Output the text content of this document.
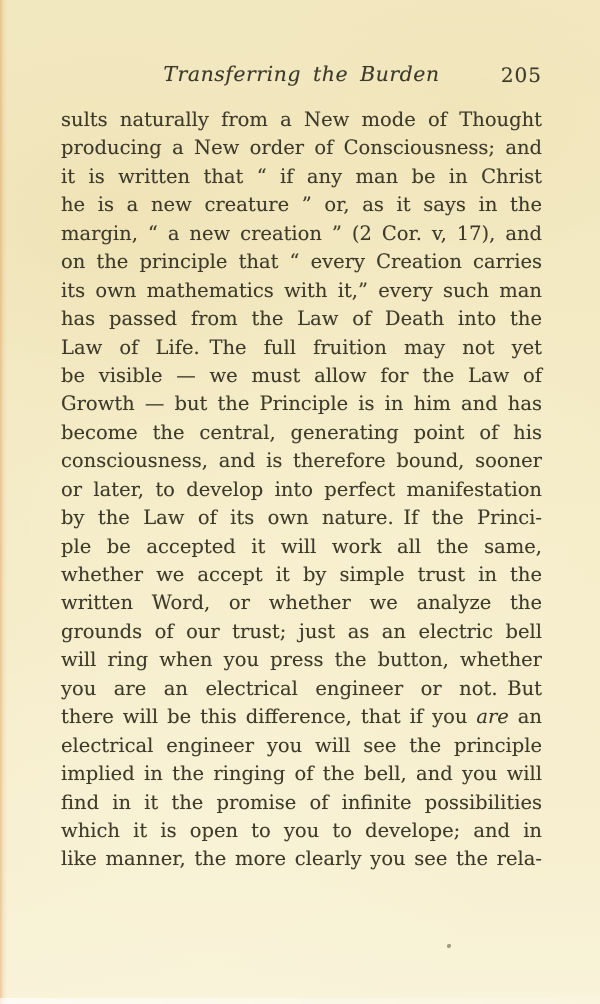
Transferring the Burden	205
sults naturally from a New mode of Thought
producing a New order of Consciousness; and
it is written that “ if any man be in Christ
he is a new creature ” or, as it says in the
margin, “ a new creation ” (2 Cor. v, 17), and
on the principle that “ every Creation carries
its own mathematics with it,” every such man
has passed from the Law of Death into the
Law of Life. The full fruition may not yet
be visible — we must allow for the Law of
Growth — but the Principle is in him and has
become the central, generating point of his
consciousness, and is therefore bound, sooner
or later, to develop into perfect manifestation
by the Law of its own nature. If the Princi-
ple be accepted it will work all the same,
whether we accept it by simple trust in the
written Word, or whether we analyze the
grounds of our trust; just as an electric bell
will ring when you press the button, whether
you are an electrical engineer or not. But
there will be this difference, that if you are an
electrical engineer you will see the principle
implied in the ringing of the bell, and you will
find in it the promise of infinite possibilities
which it is open to you to develope; and in
like manner, the more clearly you see the rela-
